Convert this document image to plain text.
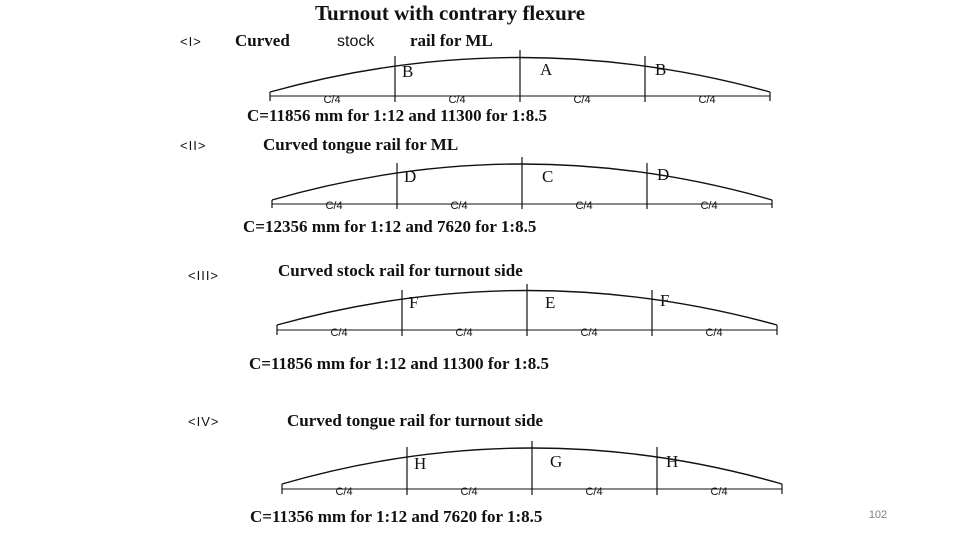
Turnout with contrary flexure
<I> Curved	stock rail for ML
B	A	B
C/4	C/4	C/4	C/4
C=11856 mm for 1:12 and 11300 for 1:8.5
<II>	Curved tongue rail for ML
D	C	D
C/4	C/4	C/4	C/4
C=12356 mm for 1:12 and 7620 for 1:8.5
<III>	Curved stock rail for turnout side
F	E	F
C/4	C/4	C/4	C/4
C=11856 mm for 1:12 and 11300 for 1:8.5
<IV>	Curved tongue rail for turnout side
H	G	H
C/4	C/4	C/4	C/4
C=11356 mm for 1:12 and 7620 for 1:8.5	102
